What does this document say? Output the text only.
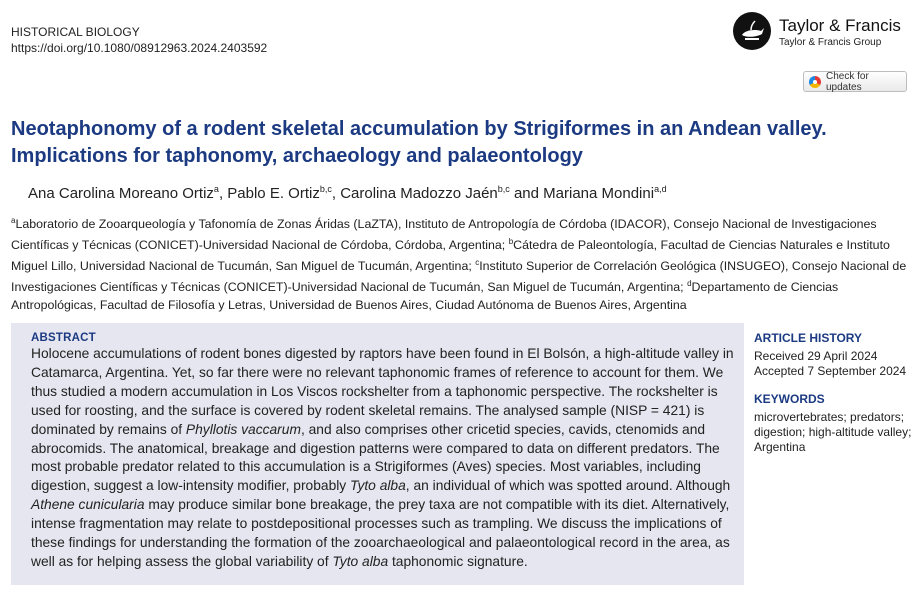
HISTORICAL BIOLOGY
https://doi.org/10.1080/08912963.2024.2403592
Taylor & Francis
Taylor & Francis Group
Check for updates
Neotaphonomy of a rodent skeletal accumulation by Strigiformes in an Andean valley. Implications for taphonomy, archaeology and palaeontology
Ana Carolina Moreano Ortiz$^a$, Pablo E. Ortiz$^{b,c}$, Carolina Madozzo Jaén$^{b,c}$ and Mariana Mondini$^{a,d}$

$^a$Laboratorio de Zooarqueología y Tafonomía de Zonas Áridas (LaZTA), Instituto de Antropología de Córdoba (IDACOR), Consejo Nacional de Investigaciones Científicas y Técnicas (CONICET)-Universidad Nacional de Córdoba, Córdoba, Argentina; $^b$Cátedra de Paleontología, Facultad de Ciencias Naturales e Instituto Miguel Lillo, Universidad Nacional de Tucumán, San Miguel de Tucumán, Argentina; $^c$Instituto Superior de Correlación Geológica (INSUGEO), Consejo Nacional de Investigaciones Científicas y Técnicas (CONICET)-Universidad Nacional de Tucumán, San Miguel de Tucumán, Argentina; $^d$Departamento de Ciencias Antropológicas, Facultad de Filosofía y Letras, Universidad de Buenos Aires, Ciudad Autónoma de Buenos Aires, Argentina

ABSTRACT

Holocene accumulations of rodent bones digested by raptors have been found in El Bolsón, a high-altitude valley in Catamarca, Argentina. Yet, so far there were no relevant taphonomic frames of reference to account for them. We thus studied a modern accumulation in Los Viscos rockshelter from a taphonomic perspective. The rockshelter is used for roosting, and the surface is covered by rodent skeletal remains. The analysed sample (NISP = 421) is dominated by remains of Phyllotis vaccarum, and also comprises other cricetid species, cavids, ctenomids and abrocomids. The anatomical, breakage and digestion patterns were compared to data on different predators. The most probable predator related to this accumulation is a Strigiformes (Aves) species. Most variables, including digestion, suggest a low-intensity modifier, probably Tyto alba, an individual of which was spotted around. Although Athene cunicularia may produce similar bone breakage, the prey taxa are not compatible with its diet. Alternatively, intense fragmentation may relate to postdepositional processes such as trampling. We discuss the implications of these findings for understanding the formation of the zooarchaeological and palaeontological record in the area, as well as for helping assess the global variability of Tyto alba taphonomic signature.

ARTICLE HISTORY
Received 29 April 2024
Accepted 7 September 2024
KEYWORDS
microvertebrates; predators; digestion; high-altitude valley; Argentina
